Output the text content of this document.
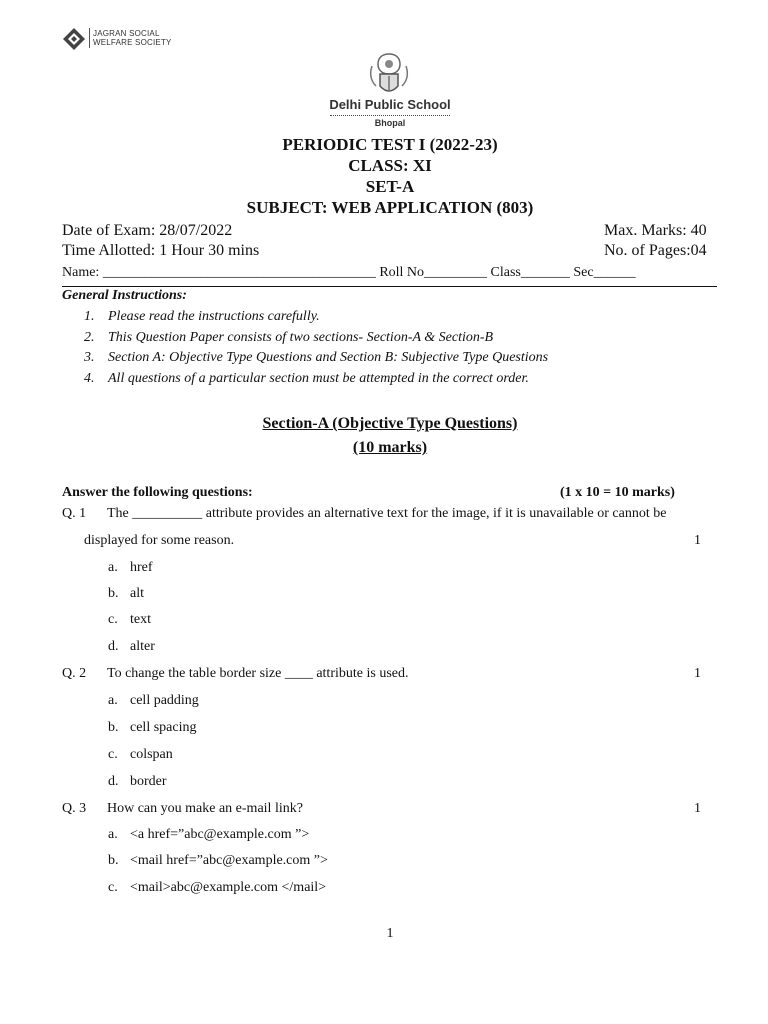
JAGRAN SOCIAL
WELFARE SOCIETY
Delhi Public School
Bhopal
PERIODIC TEST I (2022-23)
CLASS: XI
SET-A
SUBJECT: WEB APPLICATION (803)
Date of Exam: 28/07/2022	Max. Marks: 40
Time Allotted: 1 Hour 30 mins	No. of Pages:04
Name: _______________________________________ Roll No_________ Class_______ Sec______
General Instructions:
1. Please read the instructions carefully.
2. This Question Paper consists of two sections- Section-A & Section-B
3. Section A: Objective Type Questions and Section B: Subjective Type Questions
4. All questions of a particular section must be attempted in the correct order.
Section-A (Objective Type Questions)
(10 marks)
Answer the following questions:	(1 x 10 = 10 marks)
Q. 1 The __________ attribute provides an alternative text for the image, if it is unavailable or cannot be
displayed for some reason.	1
a. href
b. alt
c. text
d. alter
Q. 2 To change the table border size ____ attribute is used.	1
a. cell padding
b. cell spacing
c. colspan
d. border
Q. 3 How can you make an e-mail link?	1
a. <a href=”abc@example.com ”>
b. <mail href=”abc@example.com ”>
c. <mail>abc@example.com </mail>
1
